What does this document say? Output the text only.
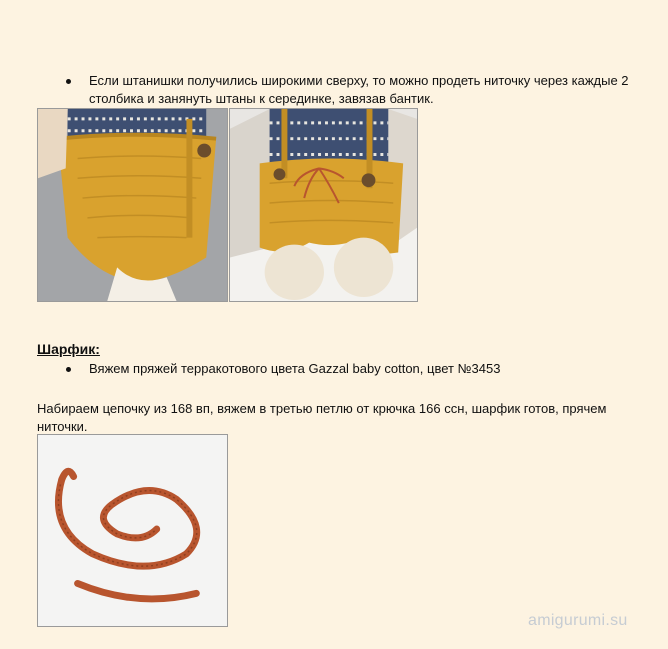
Если штанишки получились широкими сверху, то можно продеть ниточку через каждые 2 столбика и занянуть штаны к серединке, завязав бантик.
Шарфик:
Вяжем пряжей терракотового цвета Gazzal baby cotton, цвет №3453
Набираем цепочку из 168 вп, вяжем в третью петлю от крючка 166 ссн, шарфик готов, прячем ниточки.
amigurumi.su
